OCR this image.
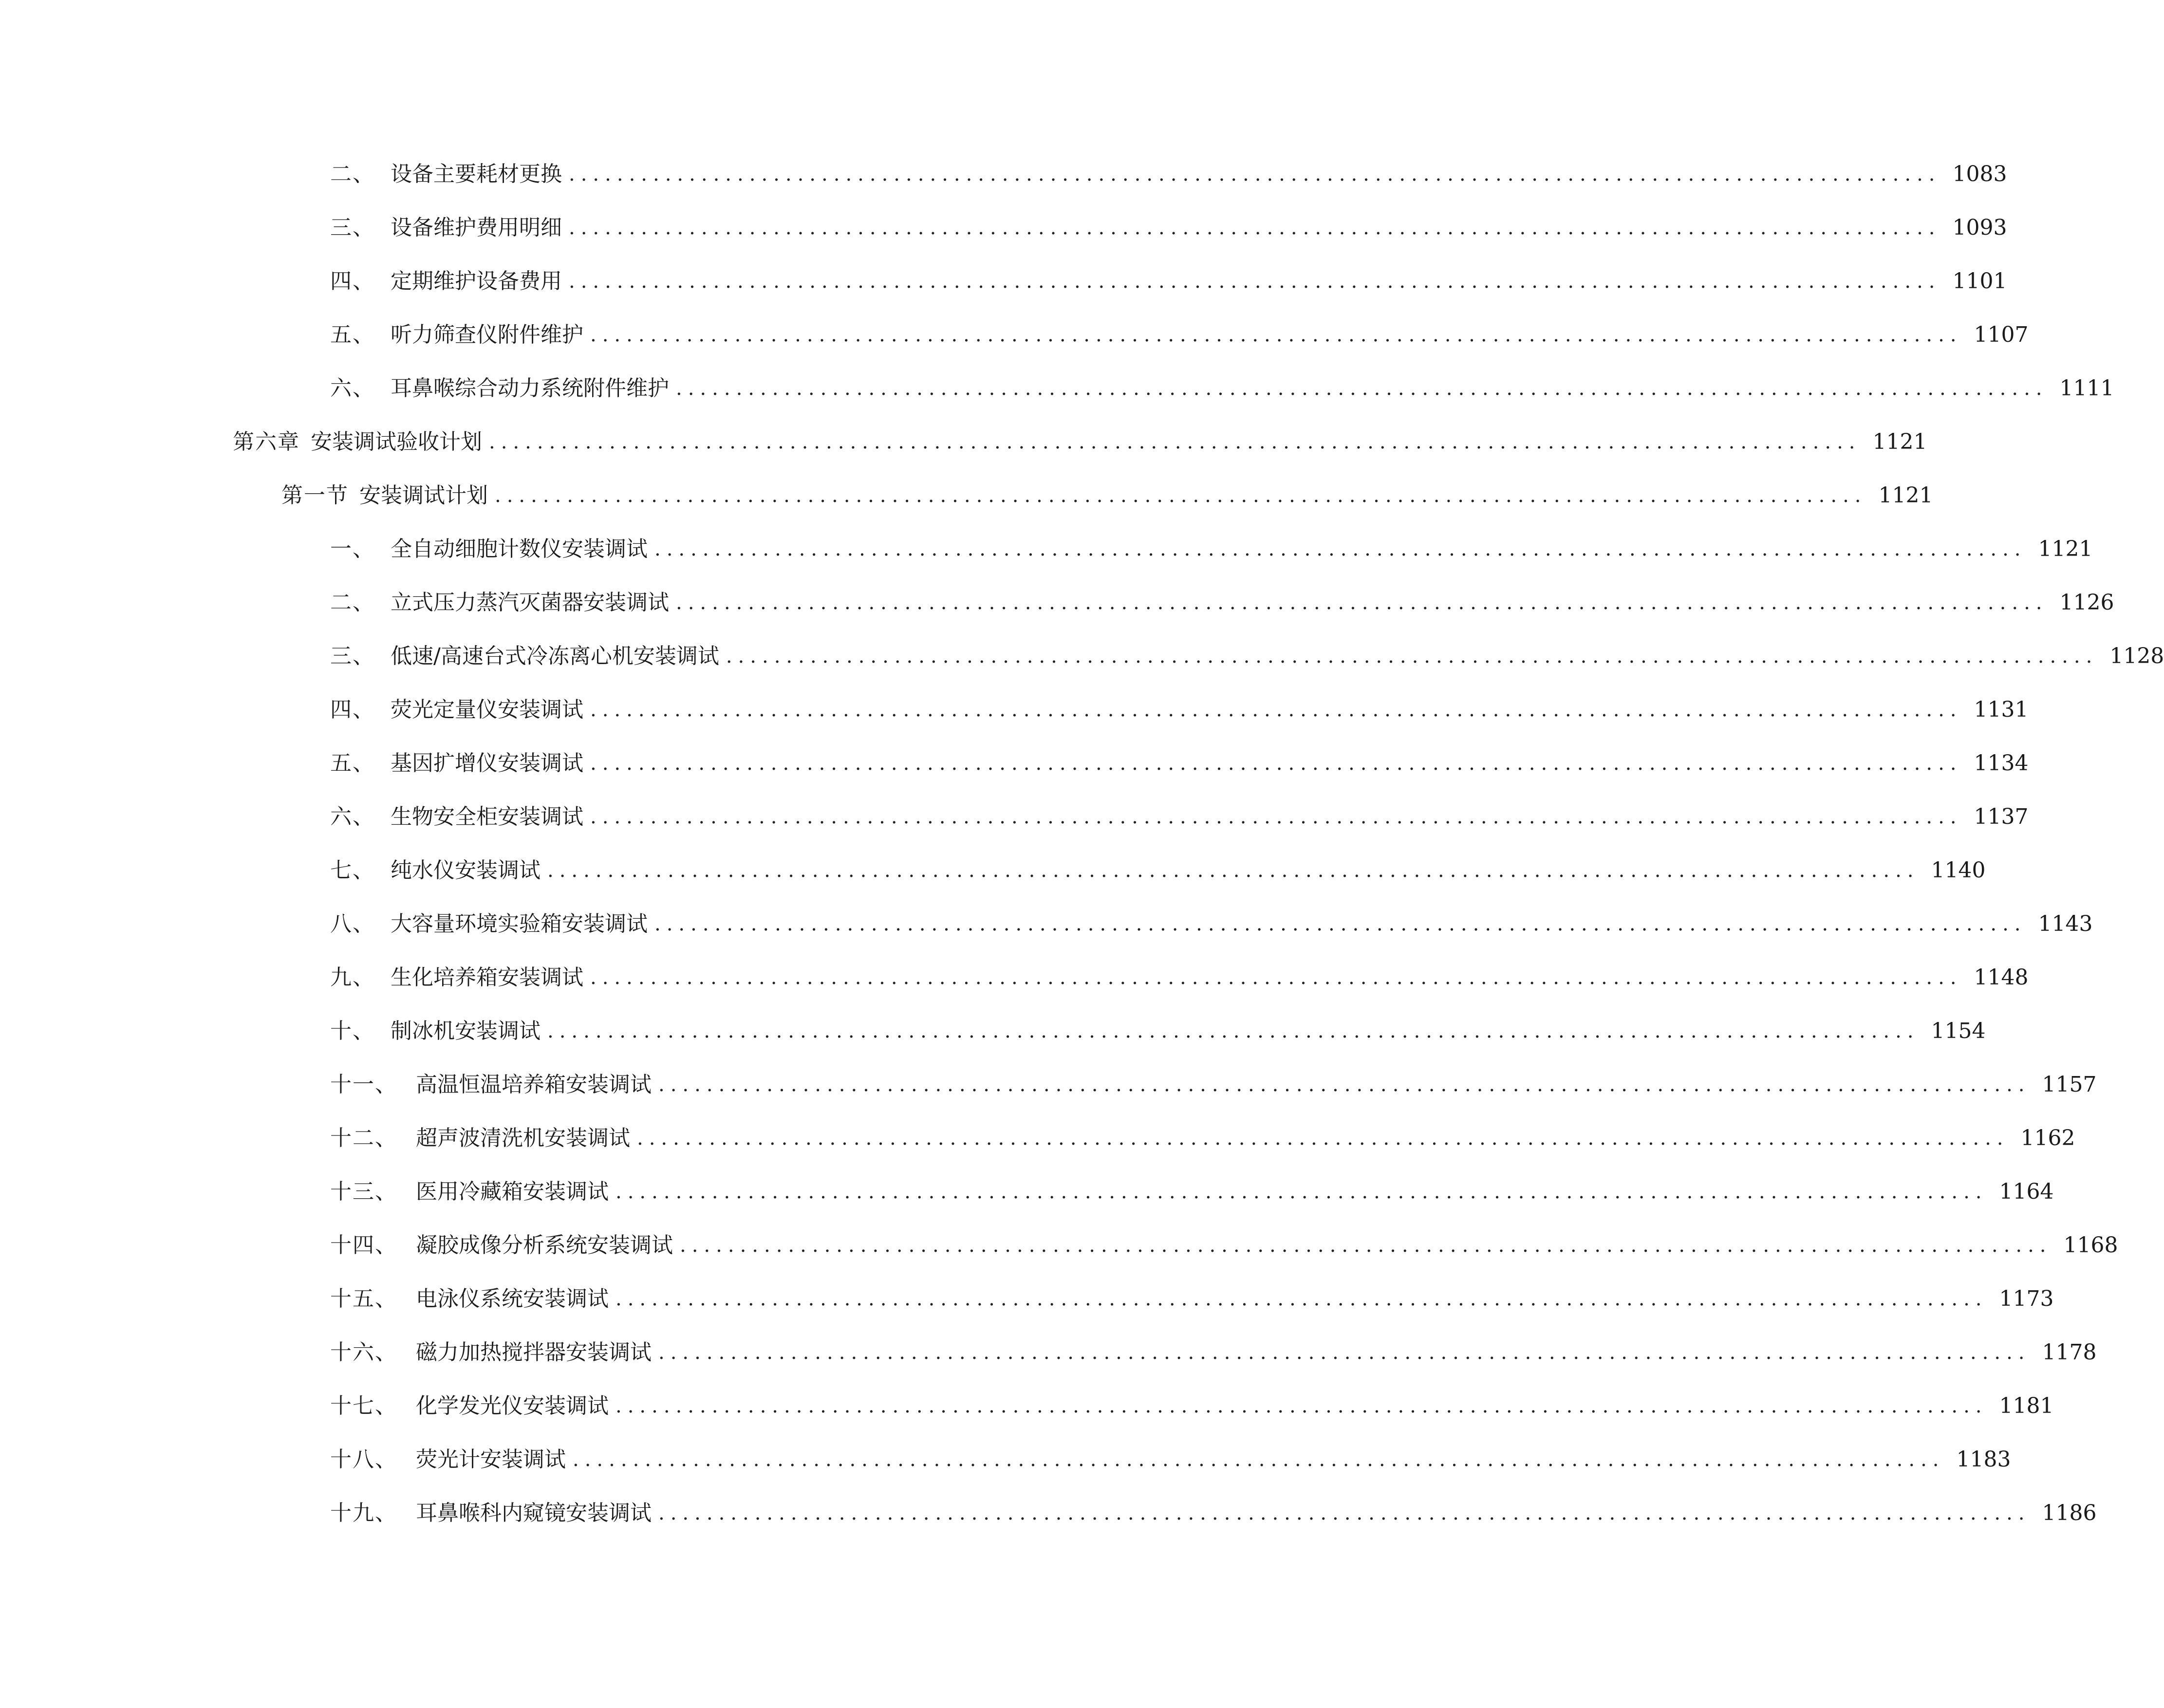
二、 设备主要耗材更换 .................................................................................................................. 1083
三、 设备维护费用明细 .................................................................................................................. 1093
四、 定期维护设备费用 .................................................................................................................. 1101
五、 听力筛查仪附件维护 .................................................................................................................. 1107
六、 耳鼻喉综合动力系统附件维护 .................................................................................................................. 1111
第六章 安装调试验收计划 .................................................................................................................. 1121
第一节 安装调试计划 .................................................................................................................. 1121
一、 全自动细胞计数仪安装调试 .................................................................................................................. 1121
二、 立式压力蒸汽灭菌器安装调试 .................................................................................................................. 1126
三、 低速/高速台式冷冻离心机安装调试 .................................................................................................................. 1128
四、 荧光定量仪安装调试 .................................................................................................................. 1131
五、 基因扩增仪安装调试 .................................................................................................................. 1134
六、 生物安全柜安装调试 .................................................................................................................. 1137
七、 纯水仪安装调试 .................................................................................................................. 1140
八、 大容量环境实验箱安装调试 .................................................................................................................. 1143
九、 生化培养箱安装调试 .................................................................................................................. 1148
十、 制冰机安装调试 .................................................................................................................. 1154
十一、 高温恒温培养箱安装调试 .................................................................................................................. 1157
十二、 超声波清洗机安装调试 .................................................................................................................. 1162
十三、 医用冷藏箱安装调试 .................................................................................................................. 1164
十四、 凝胶成像分析系统安装调试 .................................................................................................................. 1168
十五、 电泳仪系统安装调试 .................................................................................................................. 1173
十六、 磁力加热搅拌器安装调试 .................................................................................................................. 1178
十七、 化学发光仪安装调试 .................................................................................................................. 1181
十八、 荧光计安装调试 .................................................................................................................. 1183
十九、 耳鼻喉科内窥镜安装调试 .................................................................................................................. 1186
